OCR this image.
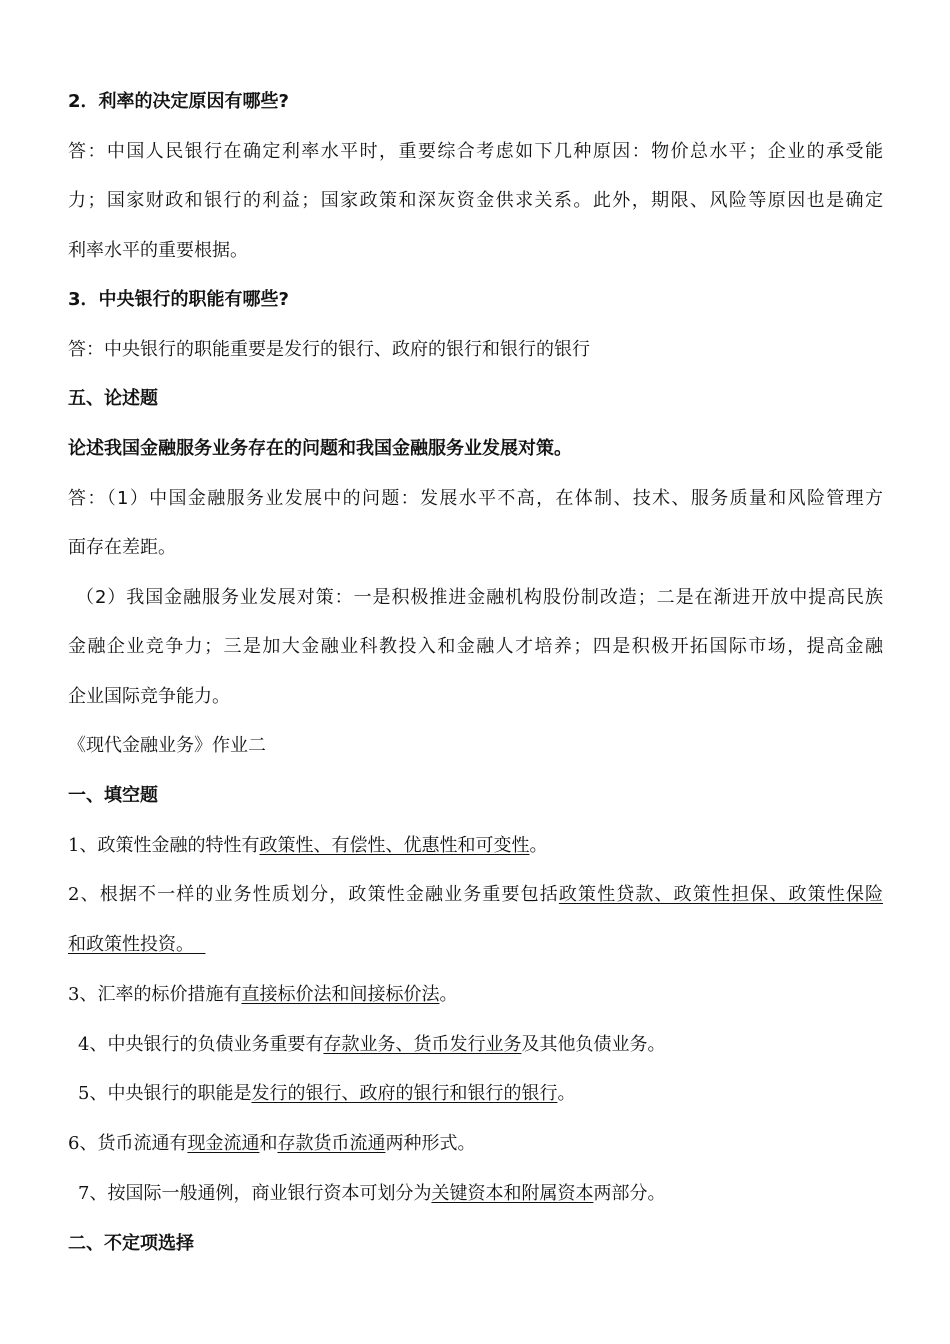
2．利率的决定原因有哪些?
答：中国人民银行在确定利率水平时，重要综合考虑如下几种原因：物价总水平；企业的承受能
力；国家财政和银行的利益；国家政策和深灰资金供求关系。此外，期限、风险等原因也是确定
利率水平的重要根据。
3．中央银行的职能有哪些?
答：中央银行的职能重要是发行的银行、政府的银行和银行的银行
五、论述题
论述我国金融服务业务存在的问题和我国金融服务业发展对策。
答：（1）中国金融服务业发展中的问题：发展水平不高，在体制、技术、服务质量和风险管理方
面存在差距。
（2）我国金融服务业发展对策：一是积极推进金融机构股份制改造；二是在渐进开放中提高民族
金融企业竞争力；三是加大金融业科教投入和金融人才培养；四是积极开拓国际市场，提高金融
企业国际竞争能力。
《现代金融业务》作业二
一、填空题
1、政策性金融的特性有政策性、有偿性、优惠性和可变性。
2、根据不一样的业务性质划分，政策性金融业务重要包括政策性贷款、政策性担保、政策性保险
和政策性投资。
3、汇率的标价措施有直接标价法和间接标价法。
4、中央银行的负债业务重要有存款业务、货币发行业务及其他负债业务。
5、中央银行的职能是发行的银行、政府的银行和银行的银行。
6、货币流通有现金流通和存款货币流通两种形式。
7、按国际一般通例，商业银行资本可划分为关键资本和附属资本两部分。
二、不定项选择
